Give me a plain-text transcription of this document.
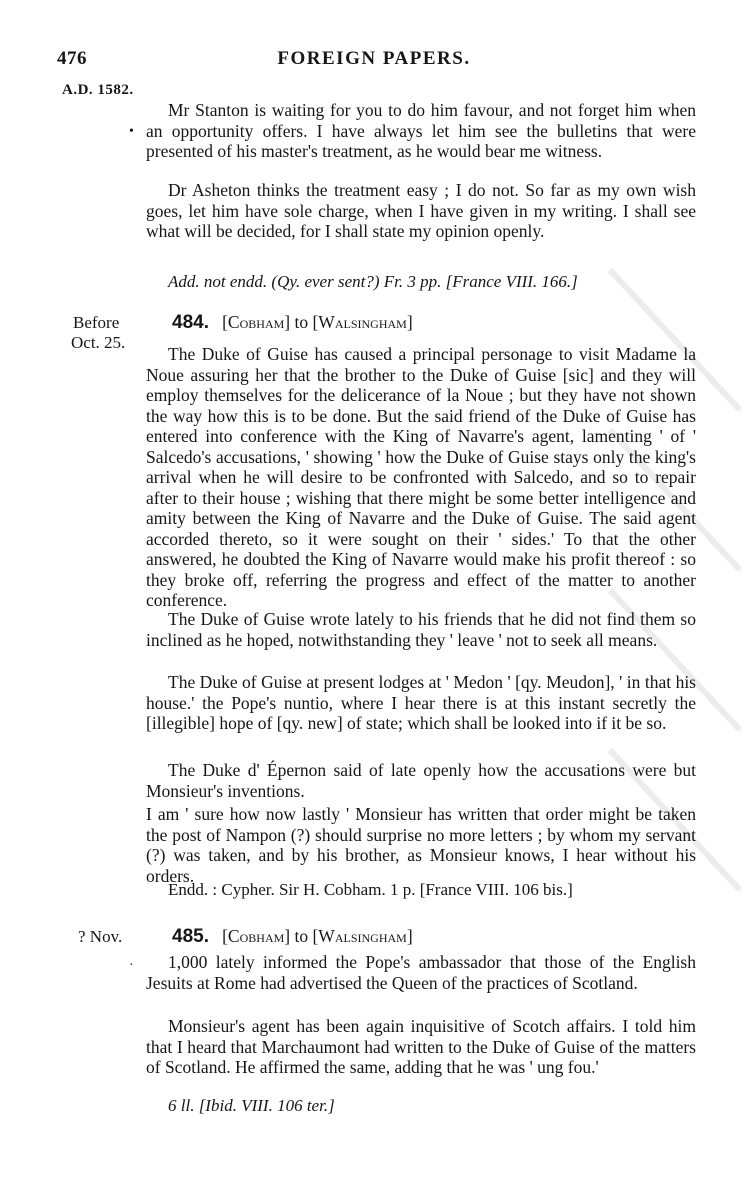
476	FOREIGN PAPERS.
A.D. 1582.
Before
Oct. 25.
? Nov.
•
·

Mr Stanton is waiting for you to do him favour, and not forget him when an opportunity offers. I have always let him see the bulletins that were presented of his master's treatment, as he would bear me witness.

Dr Asheton thinks the treatment easy ; I do not. So far as my own wish goes, let him have sole charge, when I have given in my writing. I shall see what will be decided, for I shall state my opinion openly.

Add. not endd. (Qy. ever sent?) Fr. 3 pp. [France VIII. 166.]

484. [Cobham] to [Walsingham]

The Duke of Guise has caused a principal personage to visit Madame la Noue assuring her that the brother to the Duke of Guise [sic] and they will employ themselves for the delicerance of la Noue ; but they have not shown the way how this is to be done. But the said friend of the Duke of Guise has entered into conference with the King of Navarre's agent, lamenting ' of ' Salcedo's accusations, ' showing ' how the Duke of Guise stays only the king's arrival when he will desire to be confronted with Salcedo, and so to repair after to their house ; wishing that there might be some better intelligence and amity between the King of Navarre and the Duke of Guise. The said agent accorded thereto, so it were sought on their ' sides.' To that the other answered, he doubted the King of Navarre would make his profit thereof : so they broke off, referring the progress and effect of the matter to another conference.

The Duke of Guise wrote lately to his friends that he did not find them so inclined as he hoped, notwithstanding they ' leave ' not to seek all means.

The Duke of Guise at present lodges at ' Medon ' [qy. Meudon], ' in that his house.' the Pope's nuntio, where I hear there is at this instant secretly the [illegible] hope of [qy. new] of state; which shall be looked into if it be so.

The Duke d' Épernon said of late openly how the accusations were but Monsieur's inventions.

I am ' sure how now lastly ' Monsieur has written that order might be taken the post of Nampon (?) should surprise no more letters ; by whom my servant (?) was taken, and by his brother, as Monsieur knows, I hear without his orders.

Endd. : Cypher. Sir H. Cobham. 1 p. [France VIII. 106 bis.]

485. [Cobham] to [Walsingham]

1,000 lately informed the Pope's ambassador that those of the English Jesuits at Rome had advertised the Queen of the practices of Scotland.

Monsieur's agent has been again inquisitive of Scotch affairs. I told him that I heard that Marchaumont had written to the Duke of Guise of the matters of Scotland. He affirmed the same, adding that he was ' ung fou.'

6 ll. [Ibid. VIII. 106 ter.]
